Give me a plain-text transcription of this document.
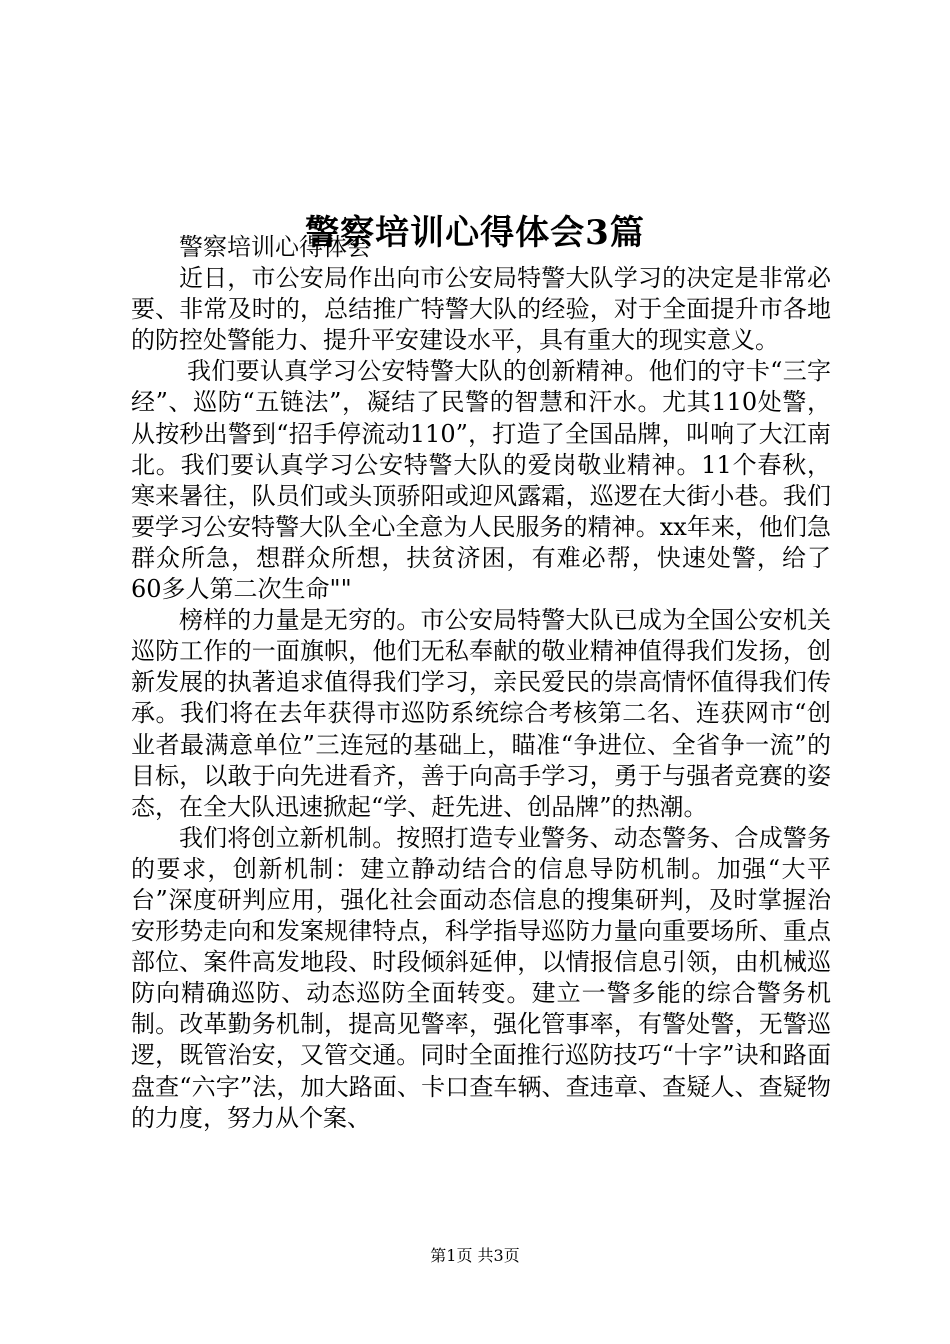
警察培训心得体会3篇

警察培训心得体会

近日，市公安局作出向市公安局特警大队学习的决定是非常必要、非常及时的，总结推广特警大队的经验，对于全面提升市各地的防控处警能力、提升平安建设水平，具有重大的现实意义。

我们要认真学习公安特警大队的创新精神。他们的守卡“三字经”、巡防“五链法”，凝结了民警的智慧和汗水。尤其110处警，从按秒出警到“招手停流动110”，打造了全国品牌，叫响了大江南北。我们要认真学习公安特警大队的爱岗敬业精神。11个春秋，寒来暑往，队员们或头顶骄阳或迎风露霜，巡逻在大街小巷。我们要学习公安特警大队全心全意为人民服务的精神。xx年来，他们急群众所急，想群众所想，扶贫济困，有难必帮，快速处警，给了60多人第二次生命""

榜样的力量是无穷的。市公安局特警大队已成为全国公安机关巡防工作的一面旗帜，他们无私奉献的敬业精神值得我们发扬，创新发展的执著追求值得我们学习，亲民爱民的崇高情怀值得我们传承。我们将在去年获得市巡防系统综合考核第二名、连获网市“创业者最满意单位”三连冠的基础上，瞄准“争进位、全省争一流”的目标，以敢于向先进看齐，善于向高手学习，勇于与强者竞赛的姿态，在全大队迅速掀起“学、赶先进、创品牌”的热潮。

我们将创立新机制。按照打造专业警务、动态警务、合成警务的要求，创新机制：建立静动结合的信息导防机制。加强“大平台”深度研判应用，强化社会面动态信息的搜集研判，及时掌握治安形势走向和发案规律特点，科学指导巡防力量向重要场所、重点部位、案件高发地段、时段倾斜延伸，以情报信息引领，由机械巡防向精确巡防、动态巡防全面转变。建立一警多能的综合警务机制。改革勤务机制，提高见警率，强化管事率，有警处警，无警巡逻，既管治安，又管交通。同时全面推行巡防技巧“十字”诀和路面盘查“六字”法，加大路面、卡口查车辆、查违章、查疑人、查疑物的力度，努力从个案、

第1页 共3页
